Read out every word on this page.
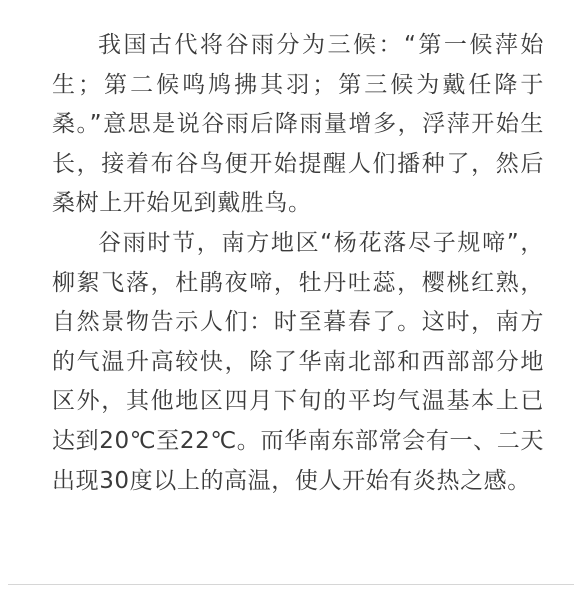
我国古代将谷雨分为三候：“第一候萍始生；第二候鸣鸠拂其羽；第三候为戴任降于桑。”意思是说谷雨后降雨量增多，浮萍开始生长，接着布谷鸟便开始提醒人们播种了，然后桑树上开始见到戴胜鸟。

谷雨时节，南方地区“杨花落尽子规啼”，柳絮飞落，杜鹃夜啼，牡丹吐蕊，樱桃红熟，自然景物告示人们：时至暮春了。这时，南方的气温升高较快，除了华南北部和西部部分地区外，其他地区四月下旬的平均气温基本上已达到20℃至22℃。而华南东部常会有一、二天出现30度以上的高温，使人开始有炎热之感。
